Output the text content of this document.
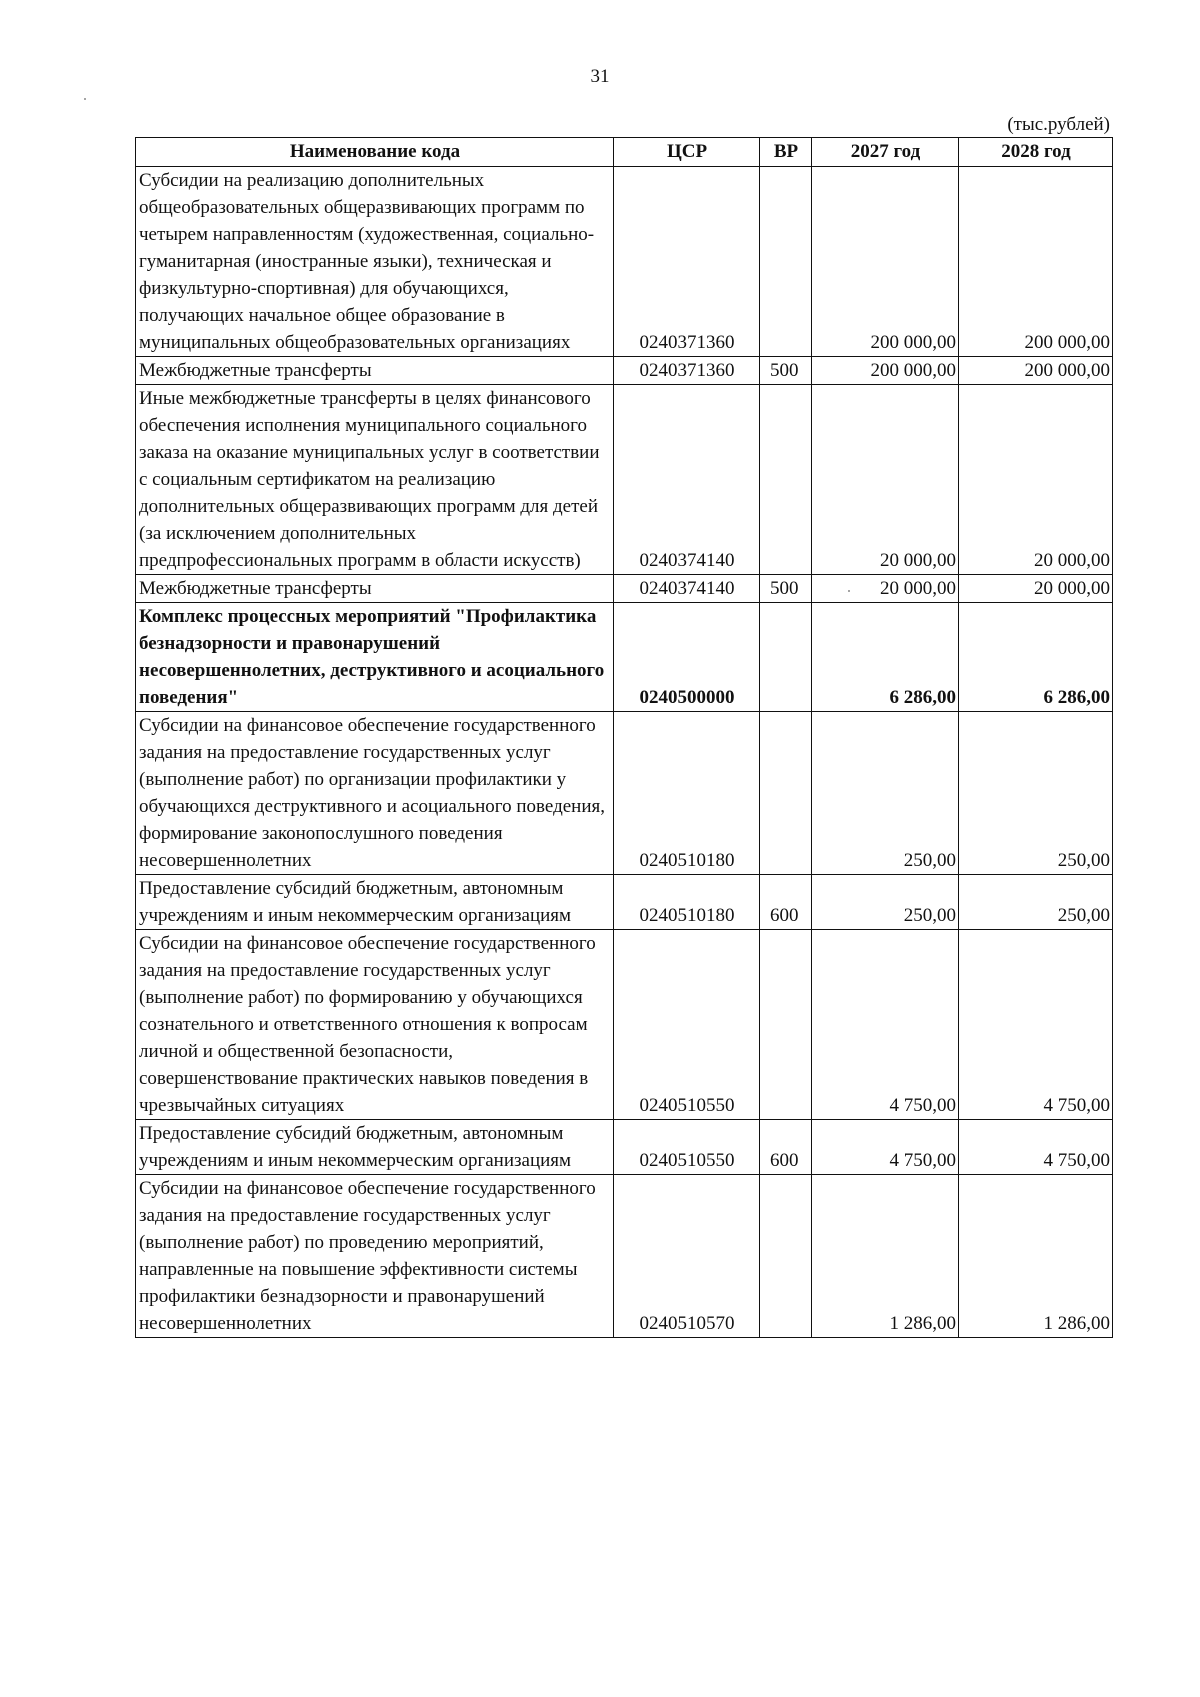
31
(тыс.рублей)
Наименование кода	ЦСР	ВР	2027 год	2028 год
Субсидии на реализацию дополнительных общеобразовательных общеразвивающих программ по четырем направленностям (художественная, социально-гуманитарная (иностранные языки), техническая и физкультурно-спортивная) для обучающихся, получающих начальное общее образование в муниципальных общеобразовательных организациях	0240371360		200 000,00	200 000,00
Межбюджетные трансферты	0240371360	500	200 000,00	200 000,00
Иные межбюджетные трансферты в целях финансового обеспечения исполнения муниципального социального заказа на оказание муниципальных услуг в соответствии с социальным сертификатом на реализацию дополнительных общеразвивающих программ для детей (за исключением дополнительных предпрофессиональных программ в области искусств)	0240374140		20 000,00	20 000,00
Межбюджетные трансферты	0240374140	500	20 000,00	20 000,00
Комплекс процессных мероприятий "Профилактика безнадзорности и правонарушений несовершеннолетних, деструктивного и асоциального поведения"	0240500000		6 286,00	6 286,00
Субсидии на финансовое обеспечение государственного задания на предоставление государственных услуг (выполнение работ) по организации профилактики у обучающихся деструктивного и асоциального поведения, формирование законопослушного поведения несовершеннолетних	0240510180		250,00	250,00
Предоставление субсидий бюджетным, автономным учреждениям и иным некоммерческим организациям	0240510180	600	250,00	250,00
Субсидии на финансовое обеспечение государственного задания на предоставление государственных услуг (выполнение работ) по формированию у обучающихся сознательного и ответственного отношения к вопросам личной и общественной безопасности, совершенствование практических навыков поведения в чрезвычайных ситуациях	0240510550		4 750,00	4 750,00
Предоставление субсидий бюджетным, автономным учреждениям и иным некоммерческим организациям	0240510550	600	4 750,00	4 750,00
Субсидии на финансовое обеспечение государственного задания на предоставление государственных услуг (выполнение работ) по проведению мероприятий, направленные на повышение эффективности системы профилактики безнадзорности и правонарушений несовершеннолетних	0240510570		1 286,00	1 286,00
